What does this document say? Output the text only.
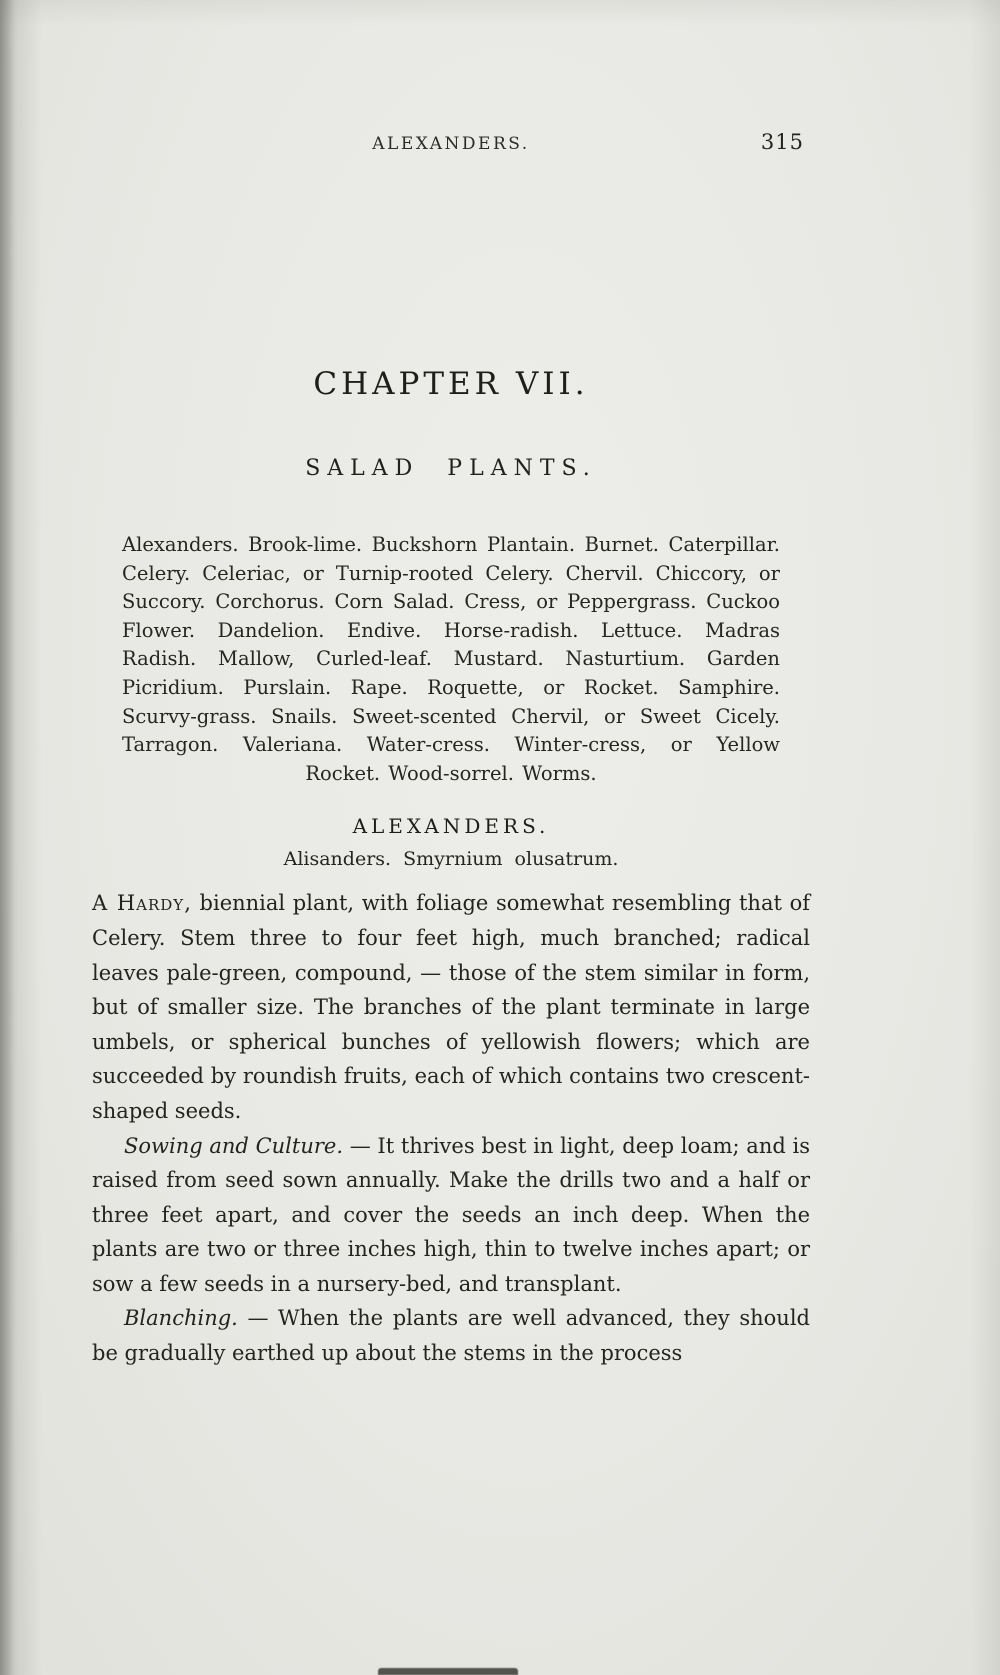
ALEXANDERS.	315
CHAPTER VII.
SALAD PLANTS.
Alexanders. Brook-lime. Buckshorn Plantain. Burnet. Caterpillar. Celery. Celeriac, or Turnip-rooted Celery. Chervil. Chiccory, or Succory. Corchorus. Corn Salad. Cress, or Peppergrass. Cuckoo Flower. Dandelion. Endive. Horse-radish. Lettuce. Madras Radish. Mallow, Curled-leaf. Mustard. Nasturtium. Garden Picridium. Purslain. Rape. Roquette, or Rocket. Samphire. Scurvy-grass. Snails. Sweet-scented Chervil, or Sweet Cicely. Tarragon. Valeriana. Water-cress. Winter-cress, or Yellow Rocket. Wood-sorrel. Worms.
ALEXANDERS.
Alisanders. Smyrnium olusatrum.

A Hardy, biennial plant, with foliage somewhat resembling that of Celery. Stem three to four feet high, much branched; radical leaves pale-green, compound, — those of the stem similar in form, but of smaller size. The branches of the plant terminate in large umbels, or spherical bunches of yellowish flowers; which are succeeded by roundish fruits, each of which contains two crescent-shaped seeds.

Sowing and Culture. — It thrives best in light, deep loam; and is raised from seed sown annually. Make the drills two and a half or three feet apart, and cover the seeds an inch deep. When the plants are two or three inches high, thin to twelve inches apart; or sow a few seeds in a nursery-bed, and transplant.

Blanching. — When the plants are well advanced, they should be gradually earthed up about the stems in the process
